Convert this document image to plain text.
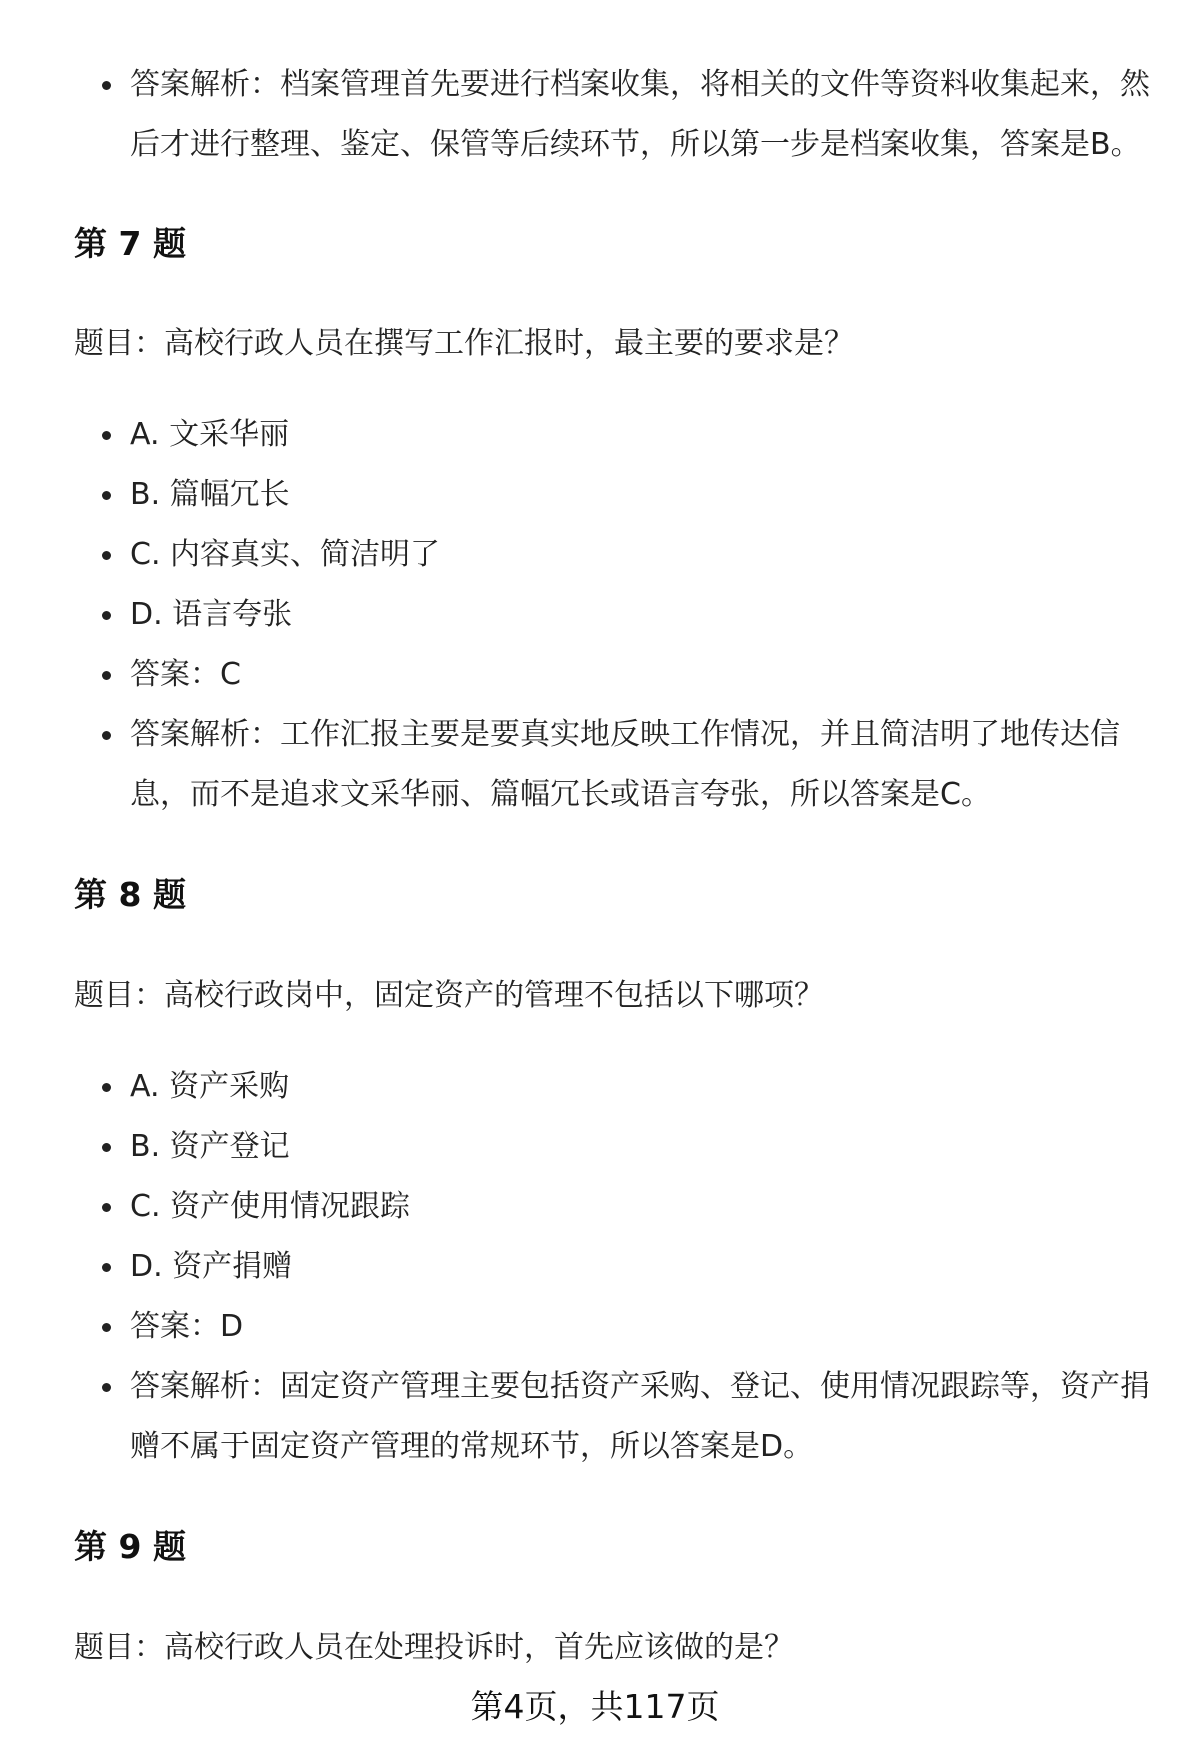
答案解析：档案管理首先要进行档案收集，将相关的文件等资料收集起来，然后才进行整理、鉴定、保管等后续环节，所以第一步是档案收集，答案是B。
第 7 题
题目：高校行政人员在撰写工作汇报时，最主要的要求是？
A. 文采华丽
B. 篇幅冗长
C. 内容真实、简洁明了
D. 语言夸张
答案：C
答案解析：工作汇报主要是要真实地反映工作情况，并且简洁明了地传达信息，而不是追求文采华丽、篇幅冗长或语言夸张，所以答案是C。
第 8 题
题目：高校行政岗中，固定资产的管理不包括以下哪项？
A. 资产采购
B. 资产登记
C. 资产使用情况跟踪
D. 资产捐赠
答案：D
答案解析：固定资产管理主要包括资产采购、登记、使用情况跟踪等，资产捐赠不属于固定资产管理的常规环节，所以答案是D。
第 9 题
题目：高校行政人员在处理投诉时，首先应该做的是？
第4页，共117页
